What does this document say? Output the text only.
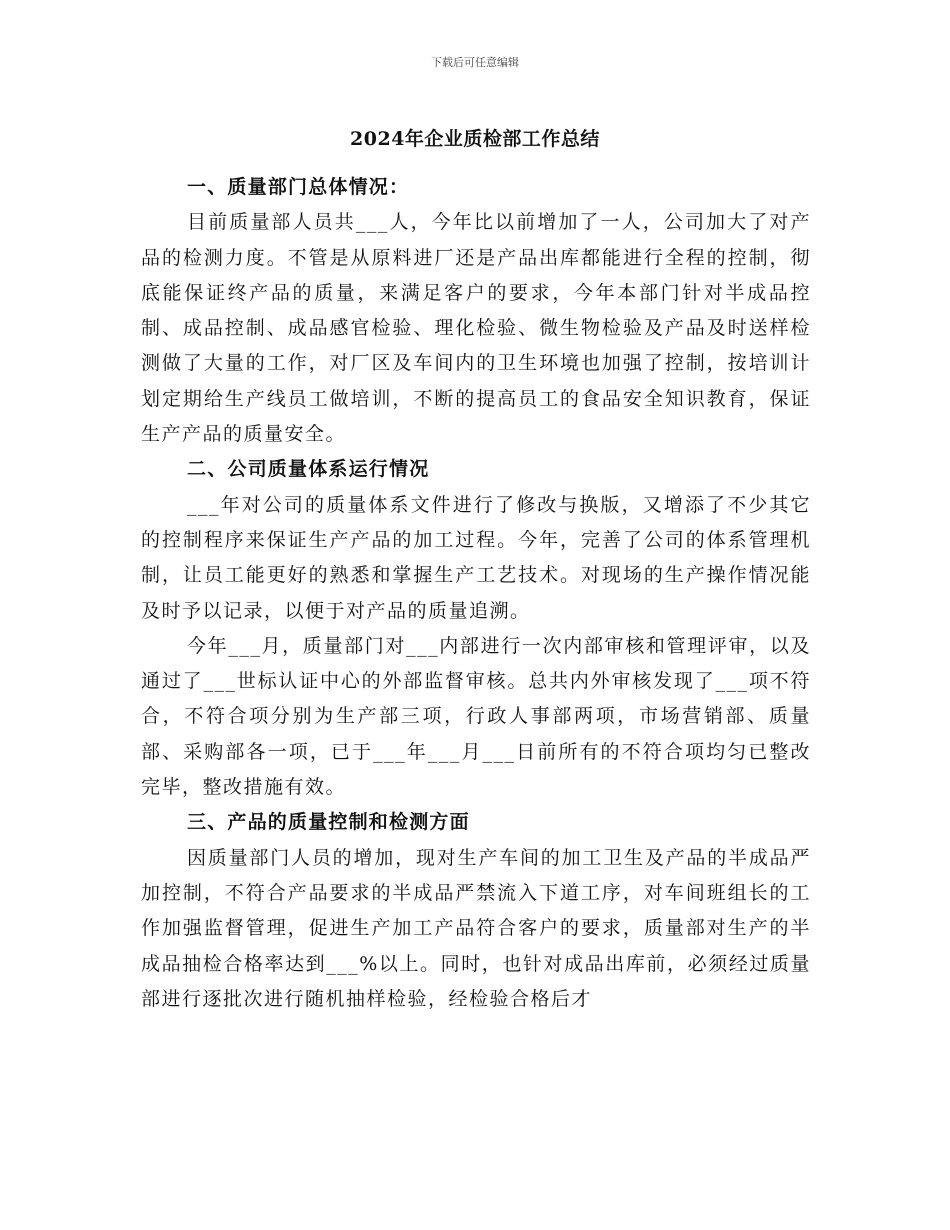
下载后可任意编辑
2024年企业质检部工作总结

一、质量部门总体情况：

目前质量部人员共___人，今年比以前增加了一人，公司加大了对产品的检测力度。不管是从原料进厂还是产品出库都能进行全程的控制，彻底能保证终产品的质量，来满足客户的要求，今年本部门针对半成品控制、成品控制、成品感官检验、理化检验、微生物检验及产品及时送样检测做了大量的工作，对厂区及车间内的卫生环境也加强了控制，按培训计划定期给生产线员工做培训，不断的提高员工的食品安全知识教育，保证生产产品的质量安全。

二、公司质量体系运行情况

___年对公司的质量体系文件进行了修改与换版，又增添了不少其它的控制程序来保证生产产品的加工过程。今年，完善了公司的体系管理机制，让员工能更好的熟悉和掌握生产工艺技术。对现场的生产操作情况能及时予以记录，以便于对产品的质量追溯。

今年___月，质量部门对___内部进行一次内部审核和管理评审，以及通过了___世标认证中心的外部监督审核。总共内外审核发现了___项不符合，不符合项分别为生产部三项，行政人事部两项，市场营销部、质量部、采购部各一项，已于___年___月___日前所有的不符合项均匀已整改完毕，整改措施有效。

三、产品的质量控制和检测方面

因质量部门人员的增加，现对生产车间的加工卫生及产品的半成品严加控制，不符合产品要求的半成品严禁流入下道工序，对车间班组长的工作加强监督管理，促进生产加工产品符合客户的要求，质量部对生产的半成品抽检合格率达到___%以上。同时，也针对成品出库前，必须经过质量部进行逐批次进行随机抽样检验，经检验合格后才
